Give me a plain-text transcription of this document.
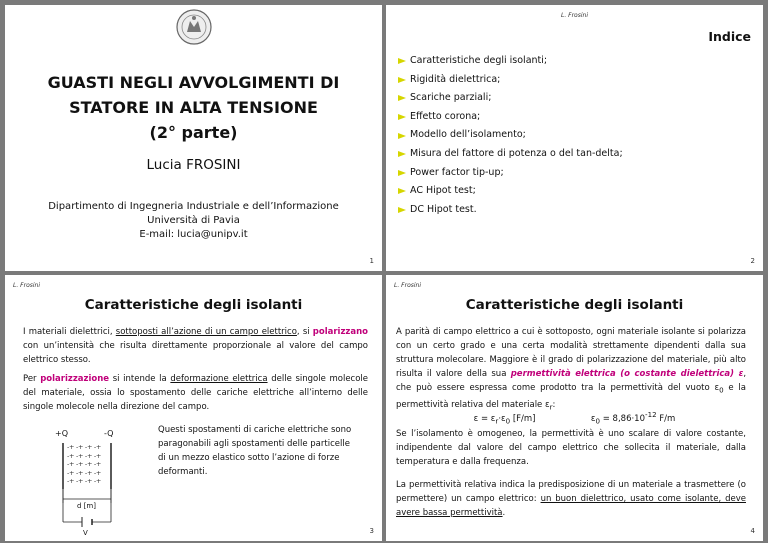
GUASTI NEGLI AVVOLGIMENTI DI
STATORE IN ALTA TENSIONE
(2° parte)
Lucia FROSINI
Dipartimento di Ingegneria Industriale e dell’Informazione
Università di Pavia
E-mail: lucia@unipv.it
1
L. Frosini
Indice
Caratteristiche degli isolanti;
Rigidità dielettrica;
Scariche parziali;
Effetto corona;
Modello dell’isolamento;
Misura del fattore di potenza o del tan-delta;
Power factor tip-up;
AC Hipot test;
DC Hipot test.
2
L. Frosini
Caratteristiche degli isolanti

I materiali dielettrici, sottoposti all’azione di un campo elettrico, si polarizzano con un’intensità che risulta direttamente proporzionale al valore del campo elettrico stesso.

Per polarizzazione si intende la deformazione elettrica delle singole molecole del materiale, ossia lo spostamento delle cariche elettriche all’interno delle singole molecole nella direzione del campo.

Questi spostamenti di cariche elettriche sono paragonabili agli spostamenti delle particelle di un mezzo elastico sotto l’azione di forze deformanti.

+Q	-Q
-+ -+ -+ -+
-+ -+ -+ -+
-+ -+ -+ -+
-+ -+ -+ -+
-+ -+ -+ -+
d [m]
V	3
L. Frosini
Caratteristiche degli isolanti

A parità di campo elettrico a cui è sottoposto, ogni materiale isolante si polarizza con un certo grado e una certa modalità strettamente dipendenti dalla sua struttura molecolare. Maggiore è il grado di polarizzazione del materiale, più alto risulta il valore della sua permettività elettrica (o costante dielettrica) ε, che può essere espressa come prodotto tra la permettività del vuoto $\varepsilon_0$ e la permettività relativa del materiale $\varepsilon_r$:

$\varepsilon = \varepsilon_r\cdot\varepsilon_0$ [F/m]	$\varepsilon_0 = 8,86\cdot 10^{-12}$ F/m

Se l’isolamento è omogeneo, la permettività è uno scalare di valore costante, indipendente dal valore del campo elettrico che sollecita il materiale, dalla temperatura e dalla frequenza.

La permettività relativa indica la predisposizione di un materiale a trasmettere (o permettere) un campo elettrico: un buon dielettrico, usato come isolante, deve avere bassa permettività.

4
